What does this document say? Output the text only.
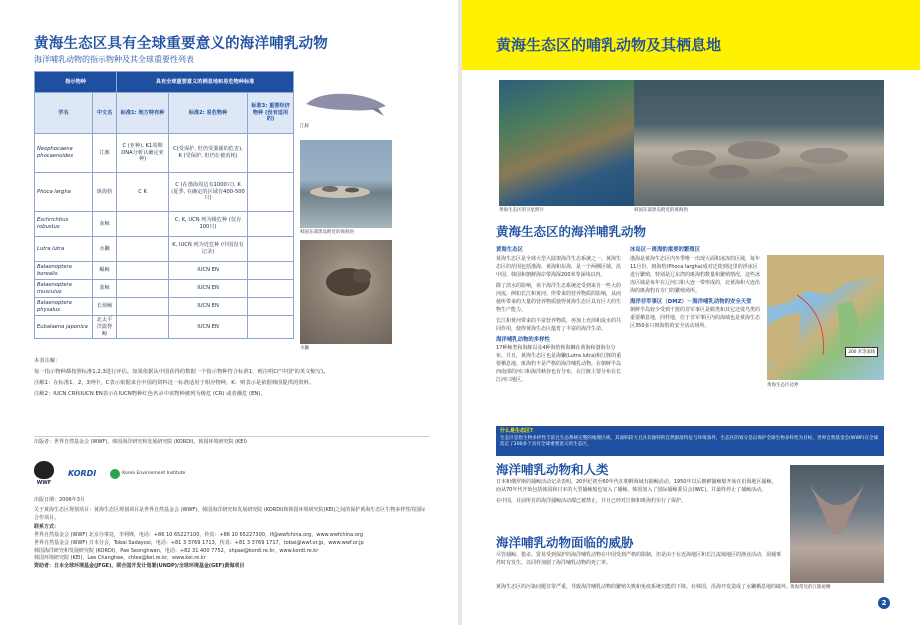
黄海生态区具有全球重要意义的海洋哺乳动物
海洋哺乳动物的指示物种及其全球重要性列表
指示物种		具有全球重要意义的栖息地和易危物种标准		
学名	中文名	标准1: 地方特有种	标准2: 易危物种	标准3: 重要经济物种 (没有适用的)
Neophocaena phocaenoides	江豚	C (亚种), K1周期DNA分析认确定亚种)	C(受保护, 但仍受滥捕的危害), K (受保护, 但仍在被消耗)	
Phoca largha	斑海豹	C K	C (在渤海周边有1000只), K (夏季, 在确定的区域有400-500只)	
Eschrichtius robustus	灰鲸		C, K, UCN 列为极危种 (仅存100只)	
Lutra lutra	水獭		K, IUCN 列为近危种 (中国没有记录)	
Balaenoptera borealis	鳁鲸		IUCN EN	
Balaenoptera musculus	蓝鲸		IUCN EN	
Balaenoptera physalus	长须鲸		IUCN EN	
Eubalaena japonica	北太平洋露脊鲸		IUCN EN	
江豚
韩国东部黑岛附近的斑海豹
水獭

本表注解:

每一指示物种都按照标准1,2,3进行评估。如果依据从中国获得的数据一个指示物种符合标准1，则注明C("中国"的英文缩写)。

注解1：在标准1、2、3列中，C表示依据来自中国的资料这一标准适用于相应物种，K：则表示是依据韩国提供的资料。

注解2：IUCN CR和IUCN EN表示在IUCN物种红色名录中该物种被列为极危 (CR) 或者濒危 (EN)。

出版者：世界自然基金会 (WWF)，韩国海洋研究和发展研究院 (KORDI)，韩国环境研究院 (KEI)
WWF
KORDI	Korea Environment Institute
出版日期：2006年3月
关于黄海生态区规划项目：黄海生态区规划项目是世界自然基金会 (WWF)，韩国海洋研究和发展研究院 (KORDI)和韩国环境研究院(KEI)之间的保护黄海生态区生物多样性的国际合作项目。
联系方式：
世界自然基金会 (WWF) 北京办事处，李利锋，电话：+86 10 65227100，传真：+86 10 65227300，lf@wwfchina.org，www.wwfchina.org
世界自然基金会 (WWF) 日本分会，Tobai Sadayosi，电话：+81 3 3769 1713，传真：+81 3 3769 1717，tobai@wwf.or.jp，www.wwf.or.jp
韩国海洋研究和发展研究院 (KORDI)，Pae Seonghwan，电话：+82 31 400 7752，shpae@kordi.re.kr，www.kordi.re.kr
韩国环境研究院 (KEI)，Lee Changhee，chlee@kei.re.kr，www.kei.re.kr
资助者：日本全球环境基金(JFGE)，联合国开发计划署(UNDP)/全球环境基金(GEF)黄海项目
黄海生态区的哺乳动物及其栖息地
黄海生态区的卫星照片	韩国东部黑岛附近的斑海豹
黄海生态区的海洋哺乳动物
黄海生态区

黄海生态区是全球大型大陆架海洋生态系统之一。黄海生态区的范围包括渤海、黄海和东海，是一个两侧区域，沿中国、韩国和朝鲜海岸带海深200米等深线以内。

除了淡水的影响，该个海洋生态系统还受到来自一些大的河流，例如长江和黄河。所带来的营养物质的影响，从而使所带来的大量的营养物质使得黄海生态区具有巨大的生物生产能力。

长江和黄河带来的丰富营养物质，再加上充沛和流水的共同作用，使得黄海生态区蕴育了丰富的海洋生命。

海洋哺乳动物的多样性

17种鲸类和海豚以及4种海豹和海狮在黄海和渤海有分布。并且，黄海生态区也是海獭(Lutra lutra)和江豚的重要栖息地。斑海豹不是严格的海洋哺乳动物，在朝鲜半岛西南部的河口和海洋峡谷也有分布，在江豚主要分布在长江河口地区。

冰岛区－斑海豹重要的繁殖区

渤海是黄海生态区内冬季唯一出现大面积冰冻的区域，每年11月份，斑海豹(Phoca largha)成对迁徙到这里的浮冰区进行繁殖，特别是辽东湾的斑海豹数量和繁殖情况。这些冰冻区域是每年在辽河口和大连一带形成的，北黄海和大连沿海的斑海豹有专门的繁殖场所。

海洋非军事区（DMZ）－海洋哺乳动物的安全天堂

朝鲜半岛较少受到干扰的非军事区是鹤类和其它迁徙鸟类的重要栖息地，同样地，位于非军事区内的海域也是黄海生态区350多只斑海豹的安全活动场所。

200 米等深线
黄海生态区边界
什么是生态区?
生态区是指生物多样性丰富且生态系统完整的地理区域，其面积较大且具有独特的自然群落特征与环境条件，生态区的划分是以保护全球生物多样性为目标，世界自然基金会(WWF)在全球选定了200多个具有全球重要意义的生态区。
海洋哺乳动物和人类

日本和俄罗斯的捕鲸活动记录表明，20世纪初至60年代在朝鲜海域有捕鲸活动。1950年以后朝鲜捕鲸船开始在沿海地区捕鲸，而从70年代开始包括韩国和日本的大型捕鲸船也加入了捕鲸，韩国加入了国际捕鲸委员会(IWC)，并最终停止了捕鲸活动。

在中国，目前所有的海洋捕鲸活动都已被禁止，并且已经对江豚和斑海豹实行了保护。

黄海常见的江豚尾鳍
海洋哺乳动物面临的威胁

尽管捕鲸、猎杀、贸易受到保护的海洋哺乳动物在中国受到严格的限制，但是由于在近海地区和长江流域地区的渔业活动，误捕事件时有发生，以同样加剧了海洋哺乳动物的死亡率。

黄海生态区的污染问题非常严重，导致海洋哺乳动物的繁殖失败和免疫系统功能的下降。在韩国，沿海开发造成了水獭栖息地的破坏。

2
